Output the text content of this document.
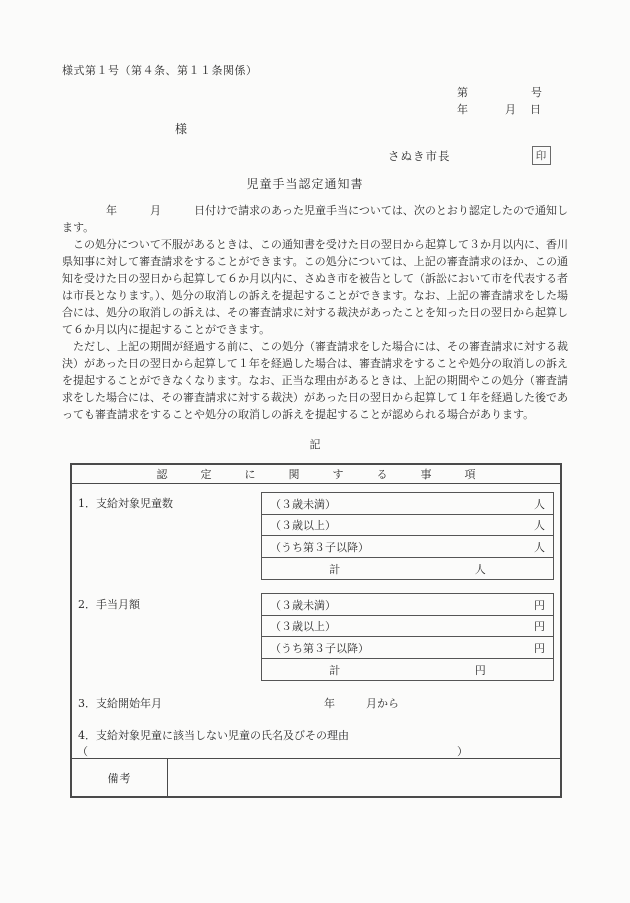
様式第１号（第４条、第１１条関係）
第	号
年	月 日
様
さぬき市長	印
児童手当認定通知書

　　　　年　　　月　　　日付けで請求のあった児童手当については、次のとおり認定したので通知します。

　この処分について不服があるときは、この通知書を受けた日の翌日から起算して３か月以内に、香川県知事に対して審査請求をすることができます。この処分については、上記の審査請求のほか、この通知を受けた日の翌日から起算して６か月以内に、さぬき市を被告として（訴訟において市を代表する者は市長となります。）、処分の取消しの訴えを提起することができます。なお、上記の審査請求をした場合には、処分の取消しの訴えは、その審査請求に対する裁決があったことを知った日の翌日から起算して６か月以内に提起することができます。

　ただし、上記の期間が経過する前に、この処分（審査請求をした場合には、その審査請求に対する裁決）があった日の翌日から起算して１年を経過した場合は、審査請求をすることや処分の取消しの訴えを提起することができなくなります。なお、正当な理由があるときは、上記の期間やこの処分（審査請求をした場合には、その審査請求に対する裁決）があった日の翌日から起算して１年を経過した後であっても審査請求をすることや処分の取消しの訴えを提起することが認められる場合があります。

記
認　定　に　関　す　る　事　項
1．支給対象児童数	（３歳未満）	人
（３歳以上）	人
（うち第３子以降）	人
計	人
2．手当月額	（３歳未満）	円
（３歳以上）	円
（うち第３子以降）	円
計	円
3．支給開始年月	年	月から
4．支給対象児童に該当しない児童の氏名及びその理由
（	）
備考
